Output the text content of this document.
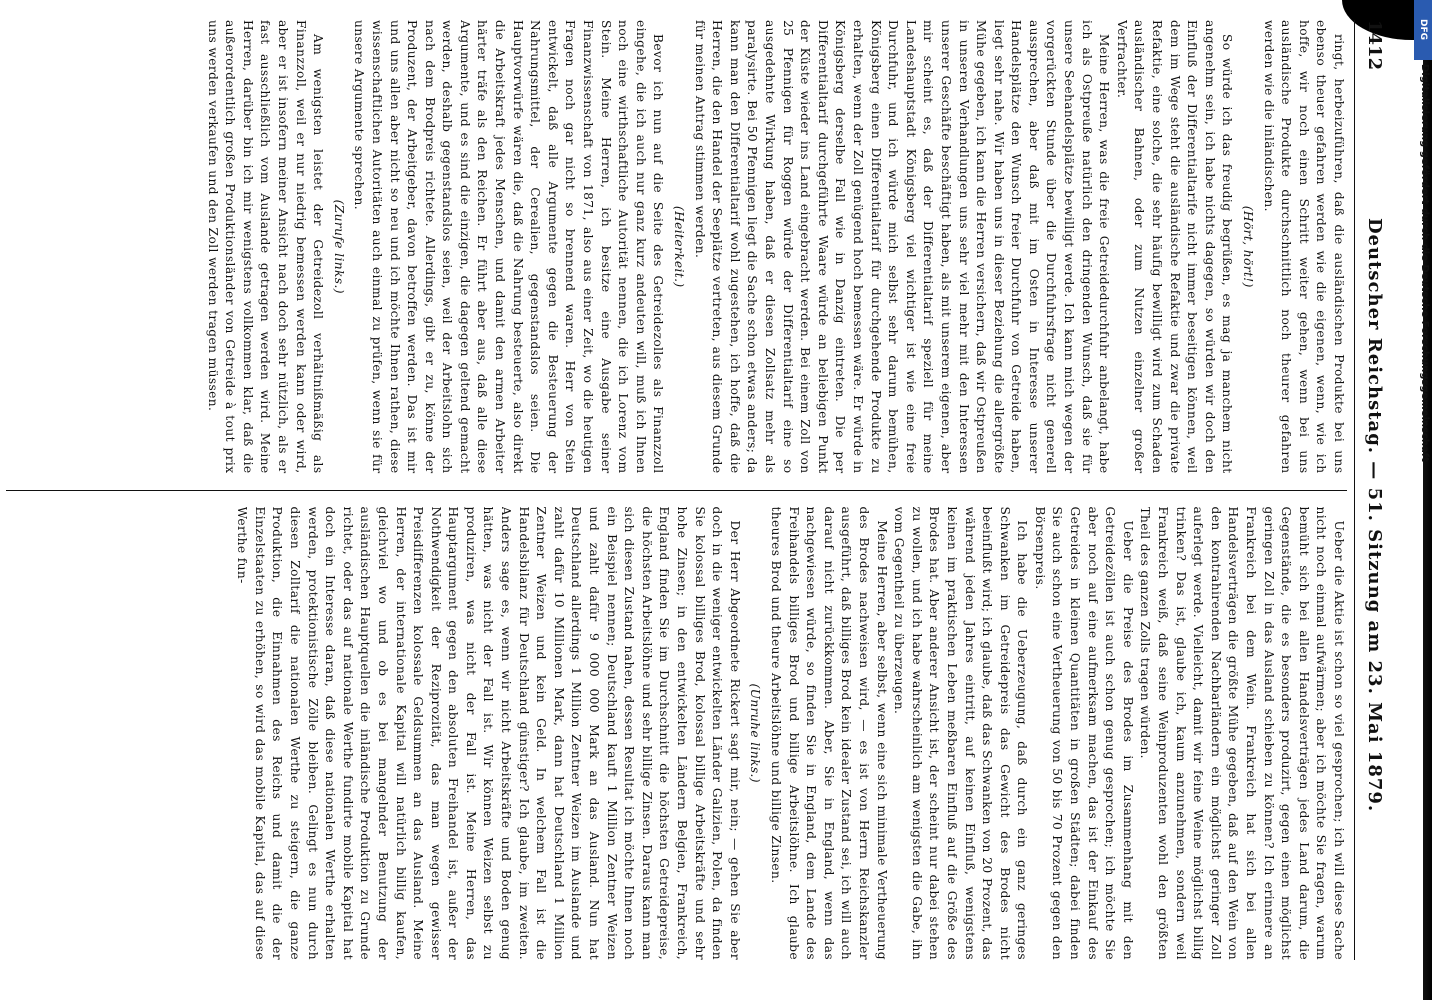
DFG
Digitalisierung gefördert durch die Deutsche Forschungsgemeinschaft
1412
Deutscher Reichstag. — 51. Sitzung am 23. Mai 1879.

ringt, herbeizuführen, daß die ausländischen Produkte bei uns ebenso theuer gefahren werden wie die eigenen, wenn, wie ich hoffe, wir noch einen Schritt weiter gehen, wenn bei uns ausländische Produkte durchschnittlich noch theurer gefahren werden wie die inländischen.

(Hört, hört!)

So würde ich das freudig begrüßen, es mag ja manchem nicht angenehm sein, ich habe nichts dagegen, so würden wir doch den Einfluß der Differentialtarife nicht immer beseitigen können, weil dem im Wege steht die ausländische Refaktie und zwar die private Refaktie, eine solche, die sehr häufig bewilligt wird zum Schaden ausländischer Bahnen, oder zum Nutzen einzelner großer Verfrachter.

Meine Herren, was die freie Getreidedurchfuhr anbelangt, habe ich als Ostpreuße natürlich den dringenden Wunsch, daß sie für unsere Seehandelsplätze bewilligt werde. Ich kann mich wegen der vorgerückten Stunde über die Durchfuhrsfrage nicht generell aussprechen, aber daß mit im Osten in Interesse unserer Handelsplätze den Wunsch freier Durchfuhr von Getreide haben, liegt sehr nahe. Wir haben uns in dieser Beziehung die allergrößte Mühe gegeben, ich kann die Herren versichern, daß wir Ostpreußen in unseren Verhandlungen uns sehr viel mehr mit den Interessen unserer Geschäfte beschäftigt haben, als mit unserem eigenen, aber mir scheint es, daß der Differentialtarif speziell für meine Landeshauptstadt Königsberg viel wichtiger ist wie eine freie Durchfuhr, und ich würde mich selbst sehr darum bemühen, Königsberg einen Differentialtarif für durchgehende Produkte zu erhalten, wenn der Zoll genügend hoch bemessen wäre. Er würde in Königsberg derselbe Fall wie in Danzig eintreten. Die per Differentialtarif durchgeführte Waare würde an beliebigen Punkt der Küste wieder ins Land eingebracht werden. Bei einem Zoll von 25 Pfennigen für Roggen würde der Differentialtarif eine so ausgedehnte Wirkung haben, daß er diesen Zollsatz mehr als paralysirte. Bei 50 Pfennigen liegt die Sache schon etwas anders; da kann man den Differentialtarif wohl zugestehen, ich hoffe, daß die Herren, die den Handel der Seeplätze vertreten, aus diesem Grunde für meinen Antrag stimmen werden.

(Heiterkeit.)

Bevor ich nun auf die Seite des Getreidezolles als Finanzzoll eingehe, die ich auch nur ganz kurz andeuten will, muß ich Ihnen noch eine wirthschaftliche Autorität nennen, die ich Lorenz vom Stein. Meine Herren, ich besitze eine Ausgabe seiner Finanzwissenschaft von 1871, also aus einer Zeit, wo die heutigen Fragen noch gar nicht so brennend waren. Herr von Stein entwickelt, daß alle Argumente gegen die Besteuerung der Nahrungsmittel, der Cerealien, gegenstandslos seien. Die Hauptvorwürfe wären die, daß die Nahrung besteuerte, also direkt die Arbeitskraft jedes Menschen, und damit den armen Arbeiter härter träfe als den Reichen. Er führt aber aus, daß alle diese Argumente, und es sind die einzigen, die dagegen geltend gemacht werden, deshalb gegenstandslos seien, weil der Arbeitslohn sich nach dem Brodpreis richtete. Allerdings, gibt er zu, könne der Produzent, der Arbeitgeber, davon betroffen werden. Das ist mir und uns allen aber nicht so neu und ich möchte Ihnen rathen, diese wissenschaftlichen Autoritäten auch einmal zu prüfen, wenn sie für unsere Argumente sprechen.

(Zurufe links.)

Am wenigsten leistet der Getreidezoll verhältnißmäßig als Finanzzoll, weil er nur niedrig bemessen werden kann oder wird, aber er ist insofern meiner Ansicht nach doch sehr nützlich, als er fast ausschließlich vom Auslande getragen werden wird. Meine Herren, darüber bin ich mir wenigstens vollkommen klar, daß die außerordentlich großen Produktionsländer von Getreide à tout prix uns werden verkaufen und den Zoll werden tragen müssen.

Ueber die Aktie ist schon so viel gesprochen; ich will diese Sache nicht noch einmal aufwärmen; aber ich möchte Sie fragen, warum bemüht sich bei allen Handelsverträgen jedes Land darum, die Gegenstände, die es besonders produzirt, gegen einen möglichst geringen Zoll in das Ausland schieben zu können? Ich erinnere an Frankreich bei dem Wein. Frankreich hat sich bei allen Handelsverträgen die größte Mühe gegeben, daß auf den Wein von den kontrahirenden Nachbarländern ein möglichst geringer Zoll auferlegt werde. Vielleicht, damit wir feine Weine möglichst billig trinken? Das ist, glaube ich, kaum anzunehmen, sondern weil Frankreich weiß, daß seine Weinproduzenten wohl den größten Theil des ganzen Zolls tragen würden.

Ueber die Preise des Brodes im Zusammenhang mit den Getreidezöllen ist auch schon genug gesprochen; ich möchte Sie aber noch auf eine aufmerksam machen, das ist der Einkauf des Getreides in kleinen Quantitäten in großen Städten; dabei finden Sie auch schon eine Vertheuerung von 50 bis 70 Prozent gegen den Börsenpreis.

Ich habe die Ueberzeugung, daß durch ein ganz geringes Schwanken im Getreidepreis das Gewicht des Brodes nicht beeinflußt wird; ich glaube, daß das Schwanken von 20 Prozent, das während jeden Jahres eintritt, auf keinen Einfluß, wenigstens keinen im praktischen Leben meßbaren Einfluß auf die Größe des Brodes hat. Aber anderer Ansicht ist, der scheint nur dabei stehen zu wollen, und ich habe wahrscheinlich am wenigsten die Gabe, ihn vom Gegentheil zu überzeugen.

Meine Herren, aber selbst, wenn eine sich minimale Vertheuerung des Brodes nachweisen wird, — es ist von Herrn Reichskanzler ausgeführt, daß billiges Brod kein idealer Zustand sei, ich will auch darauf nicht zurückkommen. Aber, Sie in England, wenn das nachgewiesen würde, so finden Sie in England, dem Lande des Freihandels billiges Brod und billige Arbeitslöhne. Ich glaube theures Brod und theure Arbeitslöhne und billige Zinsen.

(Unruhe links.)

Der Herr Abgeordnete Rickert sagt mir, nein; — gehen Sie aber doch in die weniger entwickelten Länder Galizien, Polen, da finden Sie kolossal billiges Brod, kolossal billige Arbeitskräfte und sehr hohe Zinsen; in den entwickelten Ländern Belgien, Frankreich, England finden Sie im Durchschnitt die höchsten Getreidepreise, die höchsten Arbeitslöhne und sehr billige Zinsen. Daraus kann man sich diesen Zustand nahen, dessen Resultat ich möchte Ihnen noch ein Beispiel nennen; Deutschland kauft 1 Million Zentner Weizen und zahlt dafür 9 000 000 Mark an das Ausland. Nun hat Deutschland allerdings 1 Million Zentner Weizen im Auslande und zahlt dafür 10 Millionen Mark, dann hat Deutschland 1 Million Zentner Weizen und kein Geld. In welchem Fall ist die Handelsbilanz für Deutschland günstiger? Ich glaube, im zweiten. Anders sage es, wenn wir nicht Arbeitskräfte und Boden genug hätten, was nicht der Fall ist. Wir können Weizen selbst zu produziren, was nicht der Fall ist. Meine Herren, das Hauptargument gegen den absoluten Freihandel ist, außer der Nothwendigkeit der Reziprozität, das man wegen gewisser Preisdifferenzen kolossale Geldsummen an das Ausland. Meine Herren, der internationale Kapital will natürlich billig kaufen, gleichviel wo und ob es bei mangelnder Benutzung der ausländischen Hauptquellen die inländische Produktion zu Grunde richtet, oder das auf nationale Werthe fundirte mobile Kapital hat doch ein Interesse daran, daß diese nationalen Werthe erhalten werden, protektionistische Zölle bleiben. Gelingt es nun durch diesen Zolltarif die nationalen Werthe zu steigern, die ganze Produktion, die Einnahmen des Reichs und damit die der Einzelstaaten zu erhöhen, so wird das mobile Kapital, das auf diese Werthe fun-
